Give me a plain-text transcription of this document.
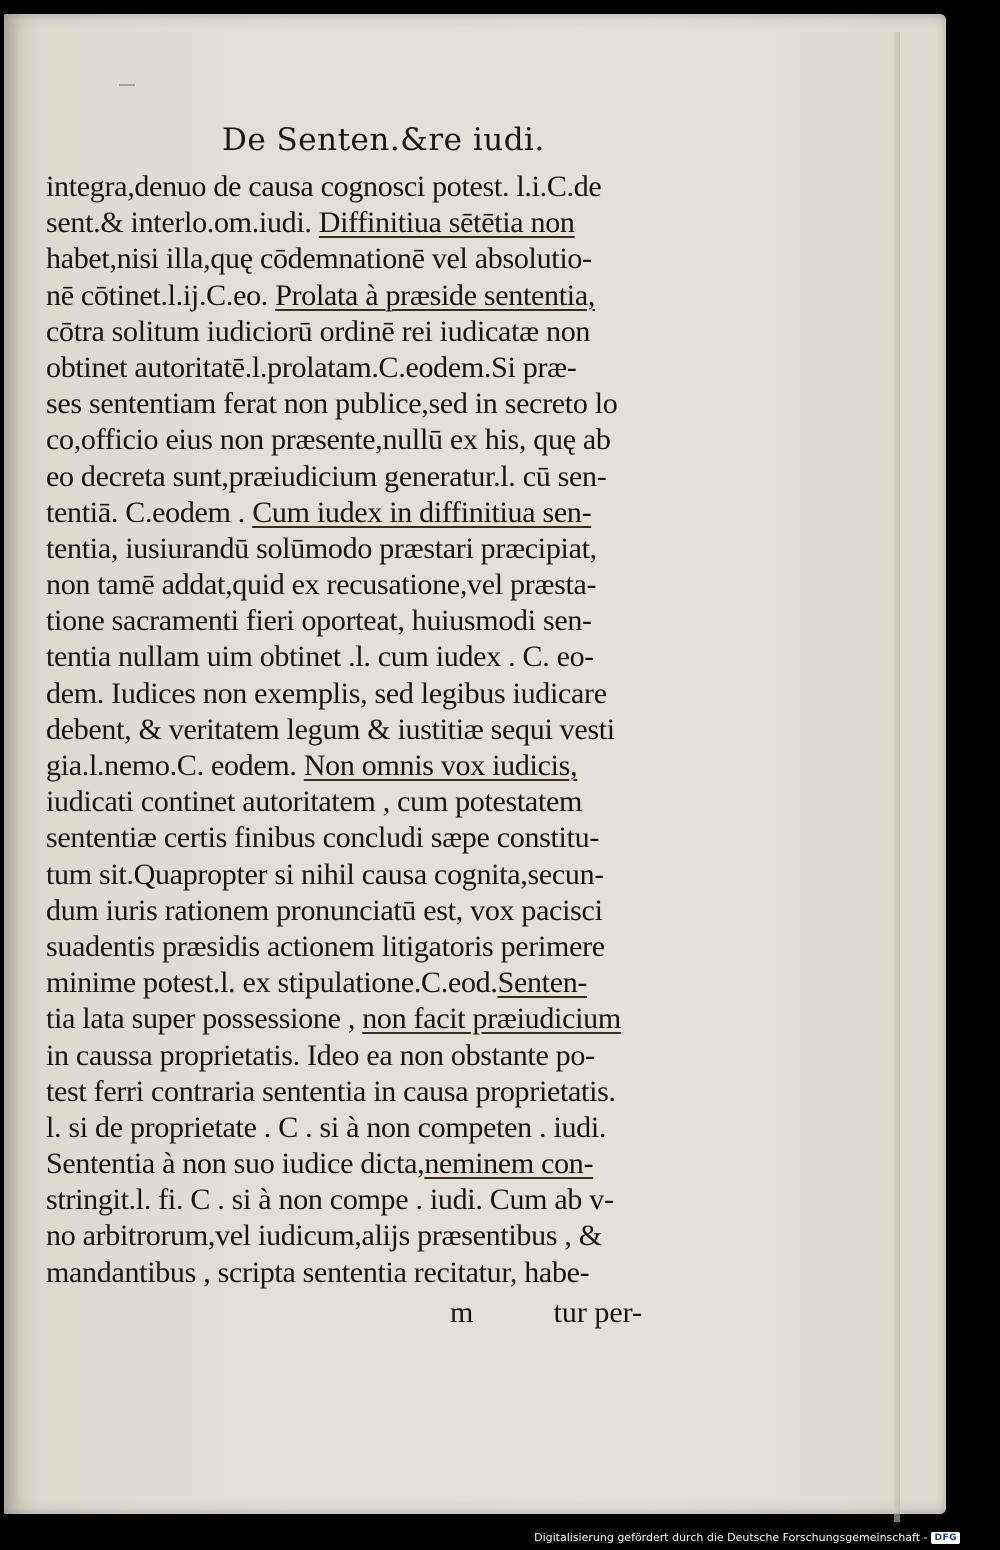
De Senten.&re iudi.
integra,denuo de causa cognosci potest. l.i.C.de
sent.& interlo.om.iudi. Diffinitiua sētētia non
habet,nisi illa,quę cōdemnationē vel absolutio-
nē cōtinet.l.ij.C.eo. Prolata à præside sententia,
cōtra solitum iudiciorū ordinē rei iudicatæ non
obtinet autoritatē.l.prolatam.C.eodem.Si præ-
ses sententiam ferat non publice,sed in secreto lo
co,officio eius non præsente,nullū ex his, quę ab
eo decreta sunt,præiudicium generatur.l. cū sen-
tentiā. C.eodem . Cum iudex in diffinitiua sen-
tentia, iusiurandū solūmodo præstari præcipiat,
non tamē addat,quid ex recusatione,vel præsta-
tione sacramenti fieri oporteat, huiusmodi sen-
tentia nullam uim obtinet .l. cum iudex . C. eo-
dem. Iudices non exemplis, sed legibus iudicare
debent, & veritatem legum & iustitiæ sequi vesti
gia.l.nemo.C. eodem. Non omnis vox iudicis,
iudicati continet autoritatem , cum potestatem
sententiæ certis finibus concludi sæpe constitu-
tum sit.Quapropter si nihil causa cognita,secun-
dum iuris rationem pronunciatū est, vox pacisci
suadentis præsidis actionem litigatoris perimere
minime potest.l. ex stipulatione.C.eod.Senten-
tia lata super possessione , non facit præiudicium
in caussa proprietatis. Ideo ea non obstante po-
test ferri contraria sententia in causa proprietatis.
l. si de proprietate . C . si à non competen . iudi.
Sententia à non suo iudice dicta,neminem con-
stringit.l. fi. C . si à non compe . iudi. Cum ab v-
no arbitrorum,vel iudicum,alijs præsentibus , &
mandantibus , scripta sententia recitatur, habe-
m	tur per-
Digitalisierung gefördert durch die Deutsche Forschungsgemeinschaft - DFG
